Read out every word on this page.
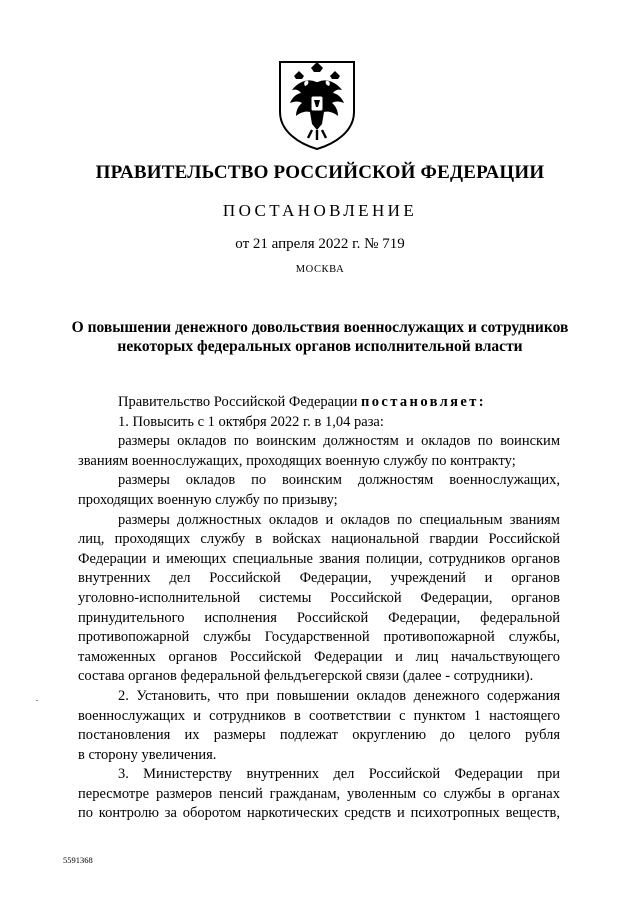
ПРАВИТЕЛЬСТВО РОССИЙСКОЙ ФЕДЕРАЦИИ
ПОСТАНОВЛЕНИЕ
от 21 апреля 2022 г. № 719
МОСКВА
О повышении денежного довольствия военнослужащих и сотрудников
некоторых федеральных органов исполнительной власти
Правительство Российской Федерации постановляет:
1. Повысить с 1 октября 2022 г. в 1,04 раза:
размеры окладов по воинским должностям и окладов по воинским
званиям военнослужащих, проходящих военную службу по контракту;
размеры окладов по воинским должностям военнослужащих,
проходящих военную службу по призыву;
размеры должностных окладов и окладов по специальным званиям
лиц, проходящих службу в войсках национальной гвардии Российской
Федерации и имеющих специальные звания полиции, сотрудников органов
внутренних дел Российской Федерации, учреждений и органов
уголовно-исполнительной системы Российской Федерации, органов
принудительного исполнения Российской Федерации, федеральной
противопожарной службы Государственной противопожарной службы,
таможенных органов Российской Федерации и лиц начальствующего
состава органов федеральной фельдъегерской связи (далее - сотрудники).
2. Установить, что при повышении окладов денежного содержания
военнослужащих и сотрудников в соответствии с пунктом 1 настоящего
постановления их размеры подлежат округлению до целого рубля
в сторону увеличения.
3. Министерству внутренних дел Российской Федерации при
пересмотре размеров пенсий гражданам, уволенным со службы в органах
по контролю за оборотом наркотических средств и психотропных веществ,
5591368
